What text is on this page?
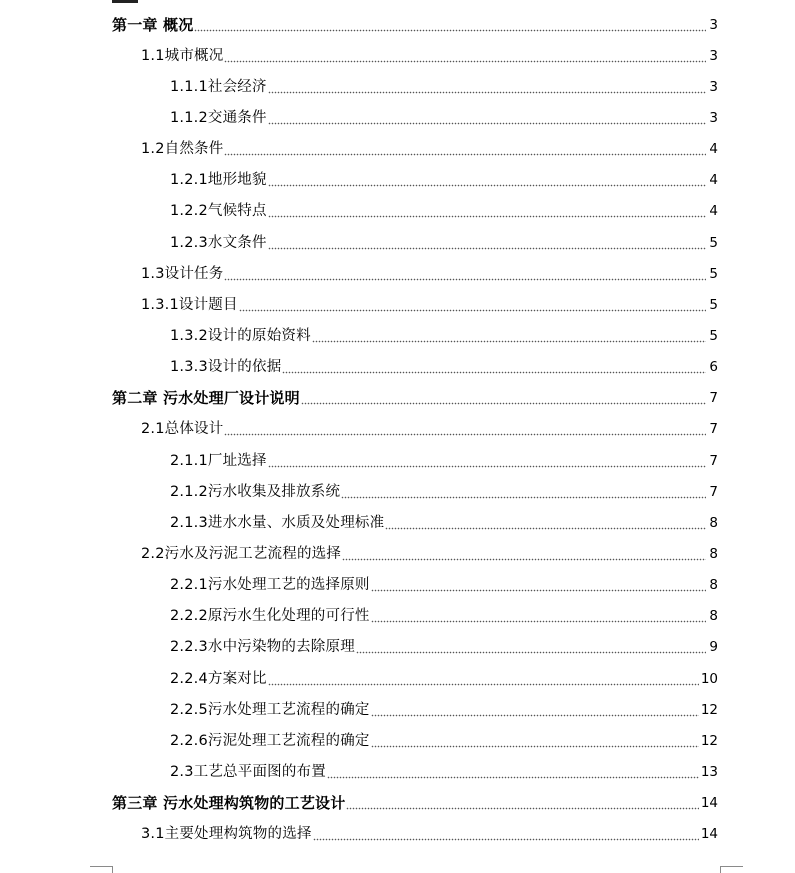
第一章 概况	3
1.1城市概况	3
1.1.1社会经济	3
1.1.2交通条件	3
1.2自然条件	4
1.2.1地形地貌	4
1.2.2气候特点	4
1.2.3水文条件	5
1.3设计任务	5
1.3.1设计题目	5
1.3.2设计的原始资料	5
1.3.3设计的依据	6
第二章 污水处理厂设计说明	7
2.1总体设计	7
2.1.1厂址选择	7
2.1.2污水收集及排放系统	7
2.1.3进水水量、水质及处理标准	8
2.2污水及污泥工艺流程的选择	8
2.2.1污水处理工艺的选择原则	8
2.2.2原污水生化处理的可行性	8
2.2.3水中污染物的去除原理	9
2.2.4方案对比	10
2.2.5污水处理工艺流程的确定	12
2.2.6污泥处理工艺流程的确定	12
2.3工艺总平面图的布置	13
第三章 污水处理构筑物的工艺设计	14
3.1主要处理构筑物的选择	14
